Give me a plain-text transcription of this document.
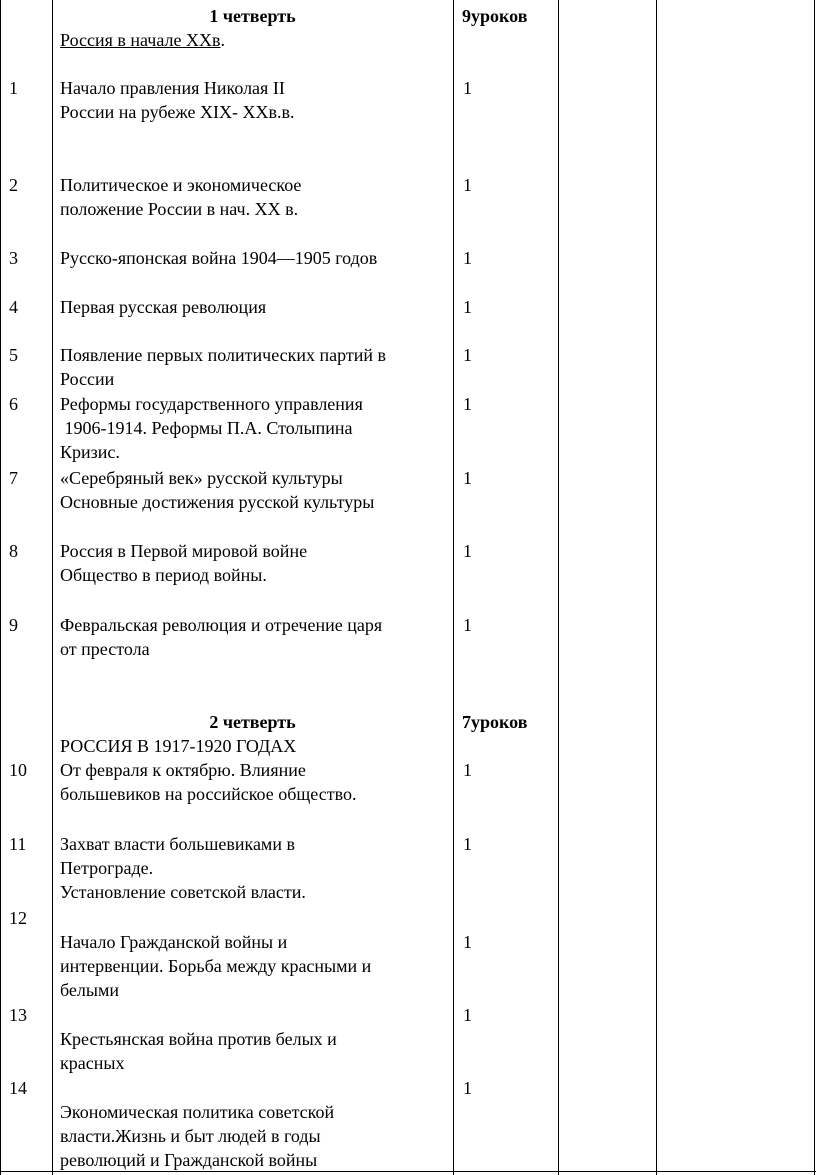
1 четверть
Россия в начале ХХв.
9уроков
1 Начало правления Николая II
России на рубеже XIX- ХХв.в.
1
2 Политическое и экономическое
положение России в нач. ХХ в.
1
3 Русско-японская война 1904—1905 годов	1
4 Первая русская революция	1
5 Появление первых политических партий в
России
1
6 Реформы государственного управления
1906-1914. Реформы П.А. Столыпина
Кризис.
1
7 «Серебряный век» русской культуры
Основные достижения русской культуры
1
8 Россия в Первой мировой войне
Общество в период войны.
1
9 Февральская революция и отречение царя
от престола
1
2 четверть
РОССИЯ В 1917-1920 ГОДАХ
7уроков
10 От февраля к октябрю. Влияние
большевиков на российское общество.
1
11 Захват власти большевиками в
Петрограде.
Установление советской власти.
1
12
Начало Гражданской войны и
интервенции. Борьба между красными и
белыми
1
13
Крестьянская война против белых и
красных
1
14
Экономическая политика советской
власти.Жизнь и быт людей в годы
революций и Гражданской войны
1
